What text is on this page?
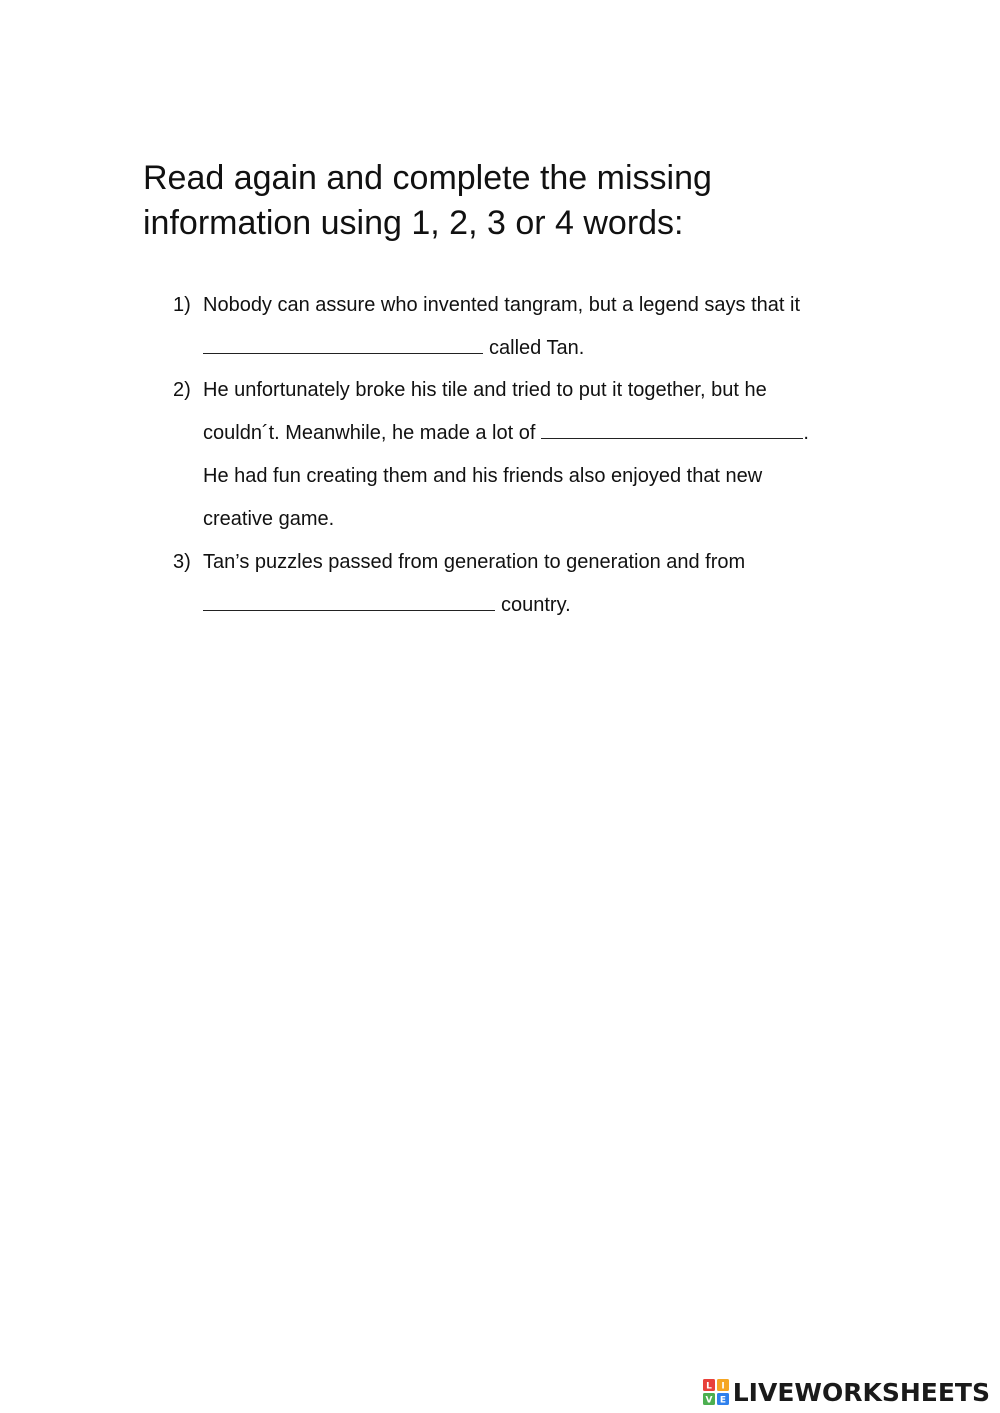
Read again and complete the missing
information using 1, 2, 3 or 4 words:
1) Nobody can assure who invented tangram, but a legend says that it
called Tan.
2) He unfortunately broke his tile and tried to put it together, but he
couldn´t. Meanwhile, he made a lot of	.
He had fun creating them and his friends also enjoyed that new
creative game.
3) Tan’s puzzles passed from generation to generation and from
country.
L I
V E LIVEWORKSHEETS
